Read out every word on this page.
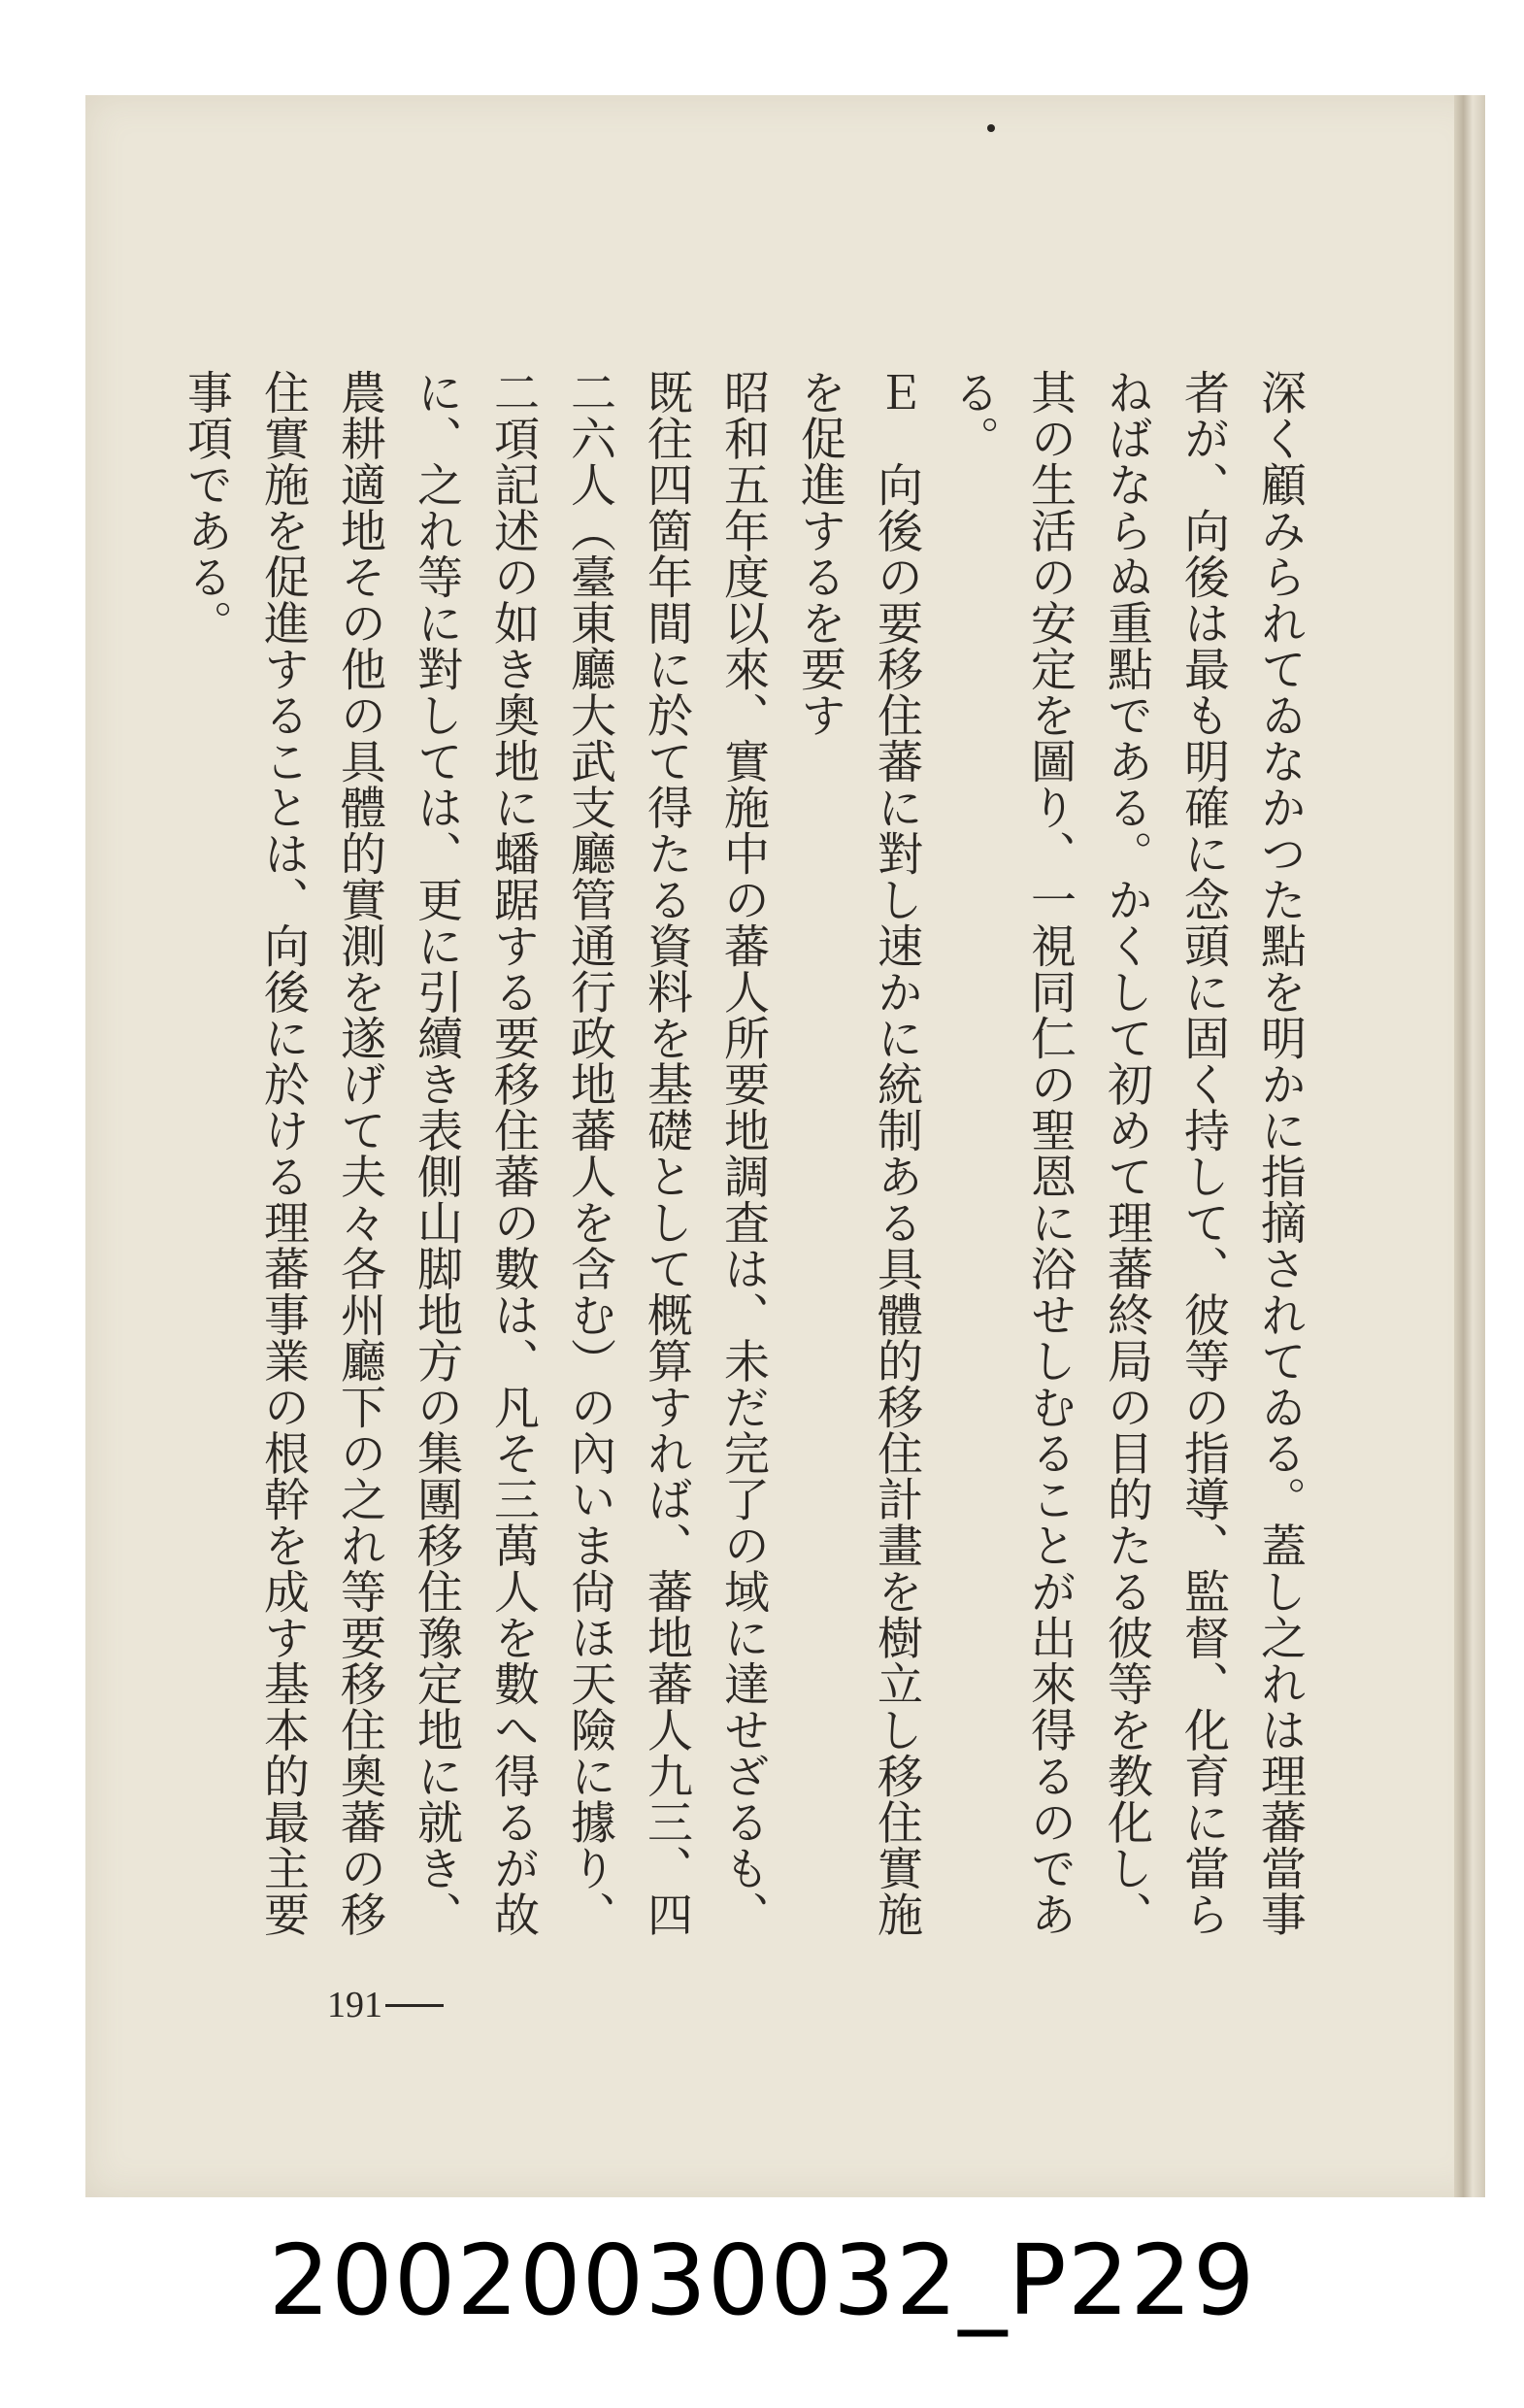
深く顧みられてゐなかつた點を明かに指摘されてゐる。蓋し之れは理蕃當事者が、向後は最も明確に念頭に固く持して、彼等の指導、監督、化育に當らねばならぬ重點である。かくして初めて理蕃終局の目的たる彼等を教化し、其の生活の安定を圖り、一視同仁の聖恩に浴せしむることが出來得るのである。

Ｅ　向後の要移住蕃に對し速かに統制ある具體的移住計畫を樹立し移住實施を促進するを要す

昭和五年度以來、實施中の蕃人所要地調査は、未だ完了の域に達せざるも、既往四箇年間に於て得たる資料を基礎として概算すれば、蕃地蕃人九三、四二六人（臺東廳大武支廳管通行政地蕃人を含む）の內いま尙ほ天險に據り、二項記述の如き奧地に蟠踞する要移住蕃の數は、凡そ三萬人を數へ得るが故に、之れ等に對しては、更に引續き表側山脚地方の集團移住豫定地に就き、農耕適地その他の具體的實測を遂げて夫々各州廳下の之れ等要移住奧蕃の移住實施を促進することは、向後に於ける理蕃事業の根幹を成す基本的最主要事項である。

191
20020030032_P229
